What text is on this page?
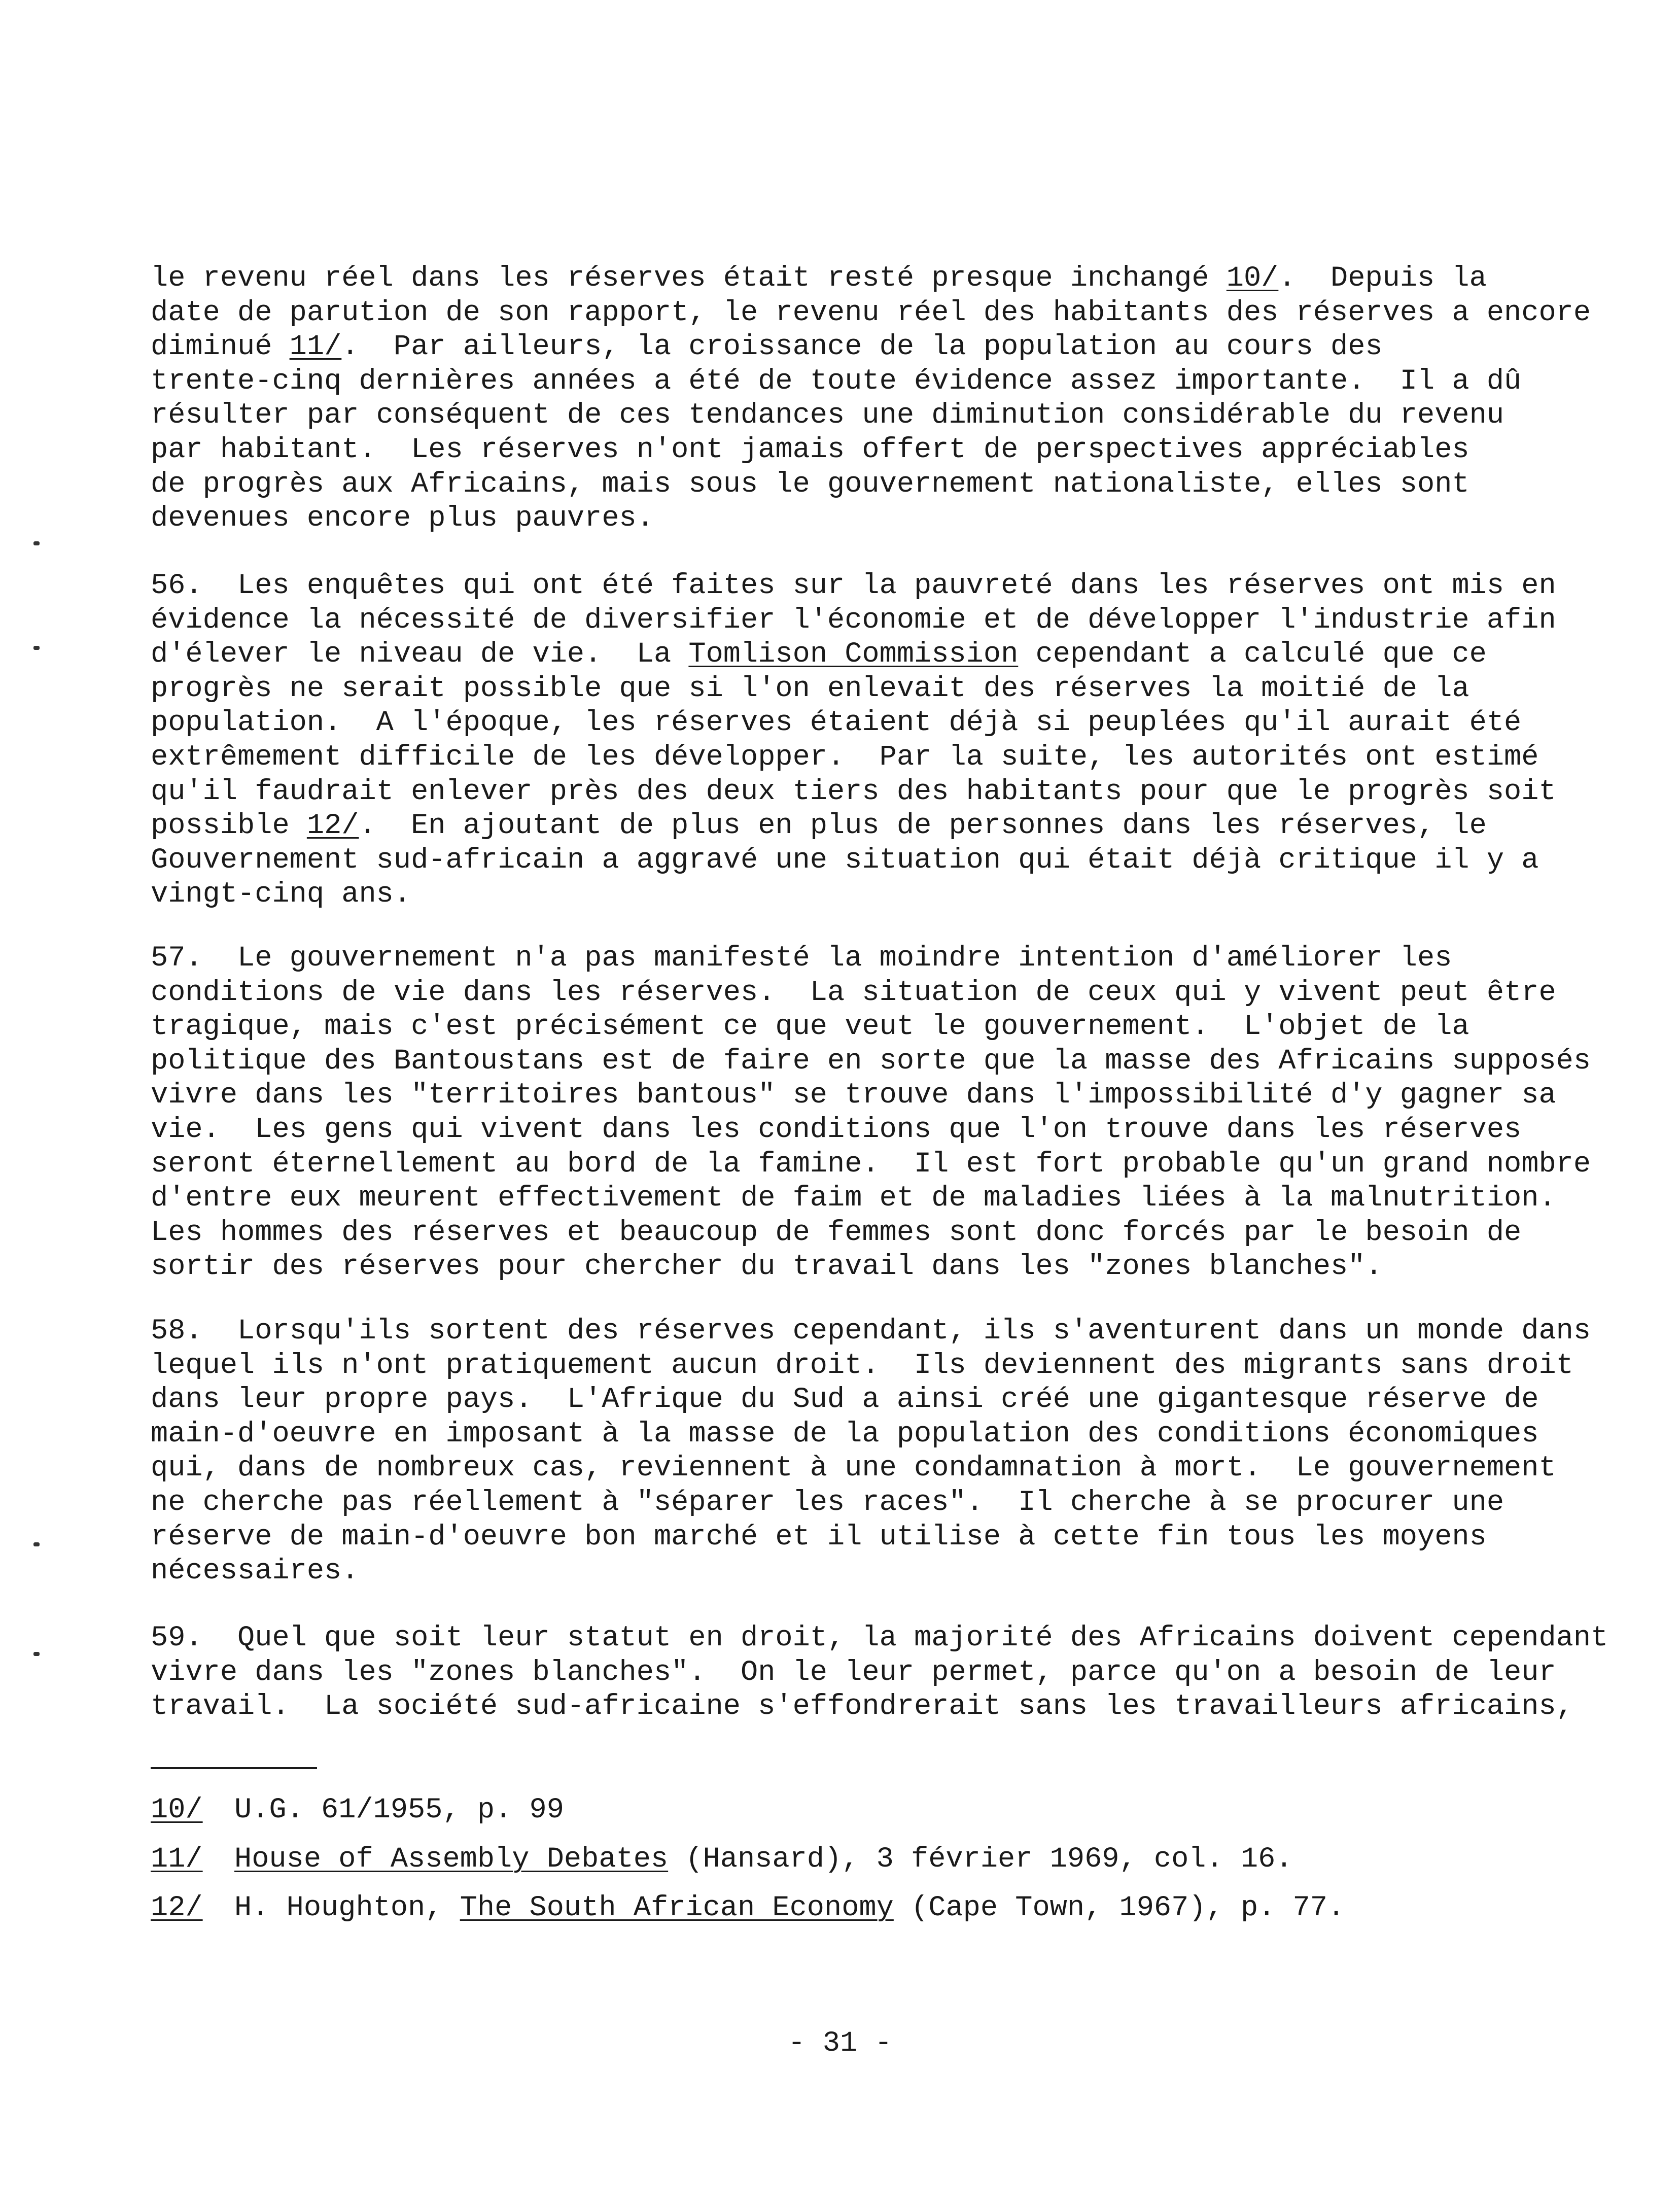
le revenu réel dans les réserves était resté presque inchangé 10/.  Depuis la
date de parution de son rapport, le revenu réel des habitants des réserves a encore
diminué 11/.  Par ailleurs, la croissance de la population au cours des
trente-cinq dernières années a été de toute évidence assez importante.  Il a dû
résulter par conséquent de ces tendances une diminution considérable du revenu
par habitant.  Les réserves n'ont jamais offert de perspectives appréciables
de progrès aux Africains, mais sous le gouvernement nationaliste, elles sont
devenues encore plus pauvres.
56.  Les enquêtes qui ont été faites sur la pauvreté dans les réserves ont mis en
évidence la nécessité de diversifier l'économie et de développer l'industrie afin
d'élever le niveau de vie.  La Tomlison Commission cependant a calculé que ce
progrès ne serait possible que si l'on enlevait des réserves la moitié de la
population.  A l'époque, les réserves étaient déjà si peuplées qu'il aurait été
extrêmement difficile de les développer.  Par la suite, les autorités ont estimé
qu'il faudrait enlever près des deux tiers des habitants pour que le progrès soit
possible 12/.  En ajoutant de plus en plus de personnes dans les réserves, le
Gouvernement sud-africain a aggravé une situation qui était déjà critique il y a
vingt-cinq ans.
57.  Le gouvernement n'a pas manifesté la moindre intention d'améliorer les
conditions de vie dans les réserves.  La situation de ceux qui y vivent peut être
tragique, mais c'est précisément ce que veut le gouvernement.  L'objet de la
politique des Bantoustans est de faire en sorte que la masse des Africains supposés
vivre dans les "territoires bantous" se trouve dans l'impossibilité d'y gagner sa
vie.  Les gens qui vivent dans les conditions que l'on trouve dans les réserves
seront éternellement au bord de la famine.  Il est fort probable qu'un grand nombre
d'entre eux meurent effectivement de faim et de maladies liées à la malnutrition.
Les hommes des réserves et beaucoup de femmes sont donc forcés par le besoin de
sortir des réserves pour chercher du travail dans les "zones blanches".
58.  Lorsqu'ils sortent des réserves cependant, ils s'aventurent dans un monde dans
lequel ils n'ont pratiquement aucun droit.  Ils deviennent des migrants sans droit
dans leur propre pays.  L'Afrique du Sud a ainsi créé une gigantesque réserve de
main-d'oeuvre en imposant à la masse de la population des conditions économiques
qui, dans de nombreux cas, reviennent à une condamnation à mort.  Le gouvernement
ne cherche pas réellement à "séparer les races".  Il cherche à se procurer une
réserve de main-d'oeuvre bon marché et il utilise à cette fin tous les moyens
nécessaires.
59.  Quel que soit leur statut en droit, la majorité des Africains doivent cependant
vivre dans les "zones blanches".  On le leur permet, parce qu'on a besoin de leur
travail.  La société sud-africaine s'effondrerait sans les travailleurs africains,
10/ U.G. 61/1955, p. 99
11/ House of Assembly Debates (Hansard), 3 février 1969, col. 16.
12/ H. Houghton, The South African Economy (Cape Town, 1967), p. 77.
- 31 -
